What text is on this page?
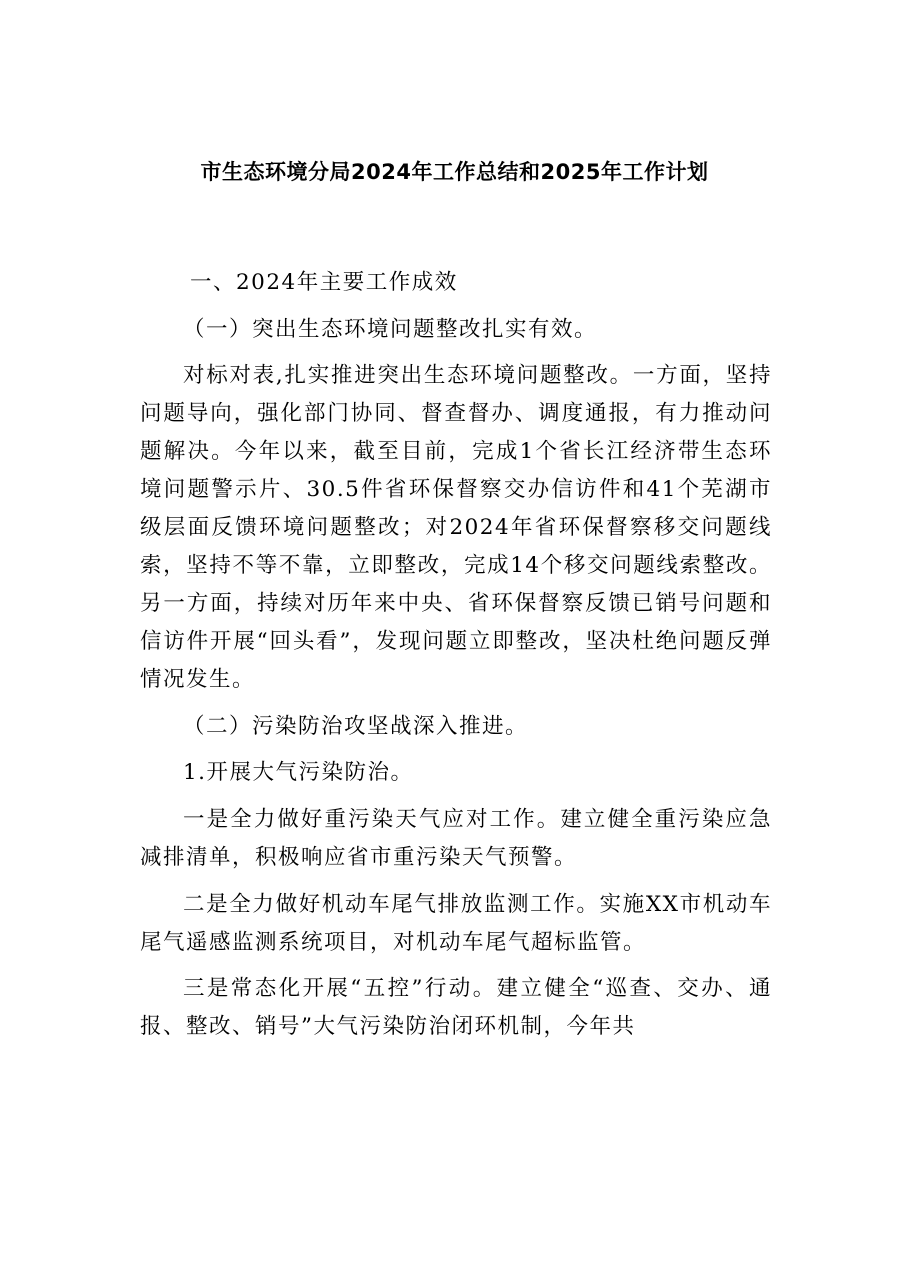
市生态环境分局2024年工作总结和2025年工作计划

一、2024年主要工作成效

（一）突出生态环境问题整改扎实有效。

对标对表,扎实推进突出生态环境问题整改。一方面，坚持问题导向，强化部门协同、督查督办、调度通报，有力推动问题解决。今年以来，截至目前，完成1个省长江经济带生态环境问题警示片、30.5件省环保督察交办信访件和41个芜湖市级层面反馈环境问题整改；对2024年省环保督察移交问题线索，坚持不等不靠，立即整改，完成14个移交问题线索整改。另一方面，持续对历年来中央、省环保督察反馈已销号问题和信访件开展“回头看”，发现问题立即整改，坚决杜绝问题反弹情况发生。

（二）污染防治攻坚战深入推进。

1.开展大气污染防治。

一是全力做好重污染天气应对工作。建立健全重污染应急减排清单，积极响应省市重污染天气预警。

二是全力做好机动车尾气排放监测工作。实施XX市机动车尾气遥感监测系统项目，对机动车尾气超标监管。

三是常态化开展“五控”行动。建立健全“巡查、交办、通报、整改、销号”大气污染防治闭环机制，今年共
